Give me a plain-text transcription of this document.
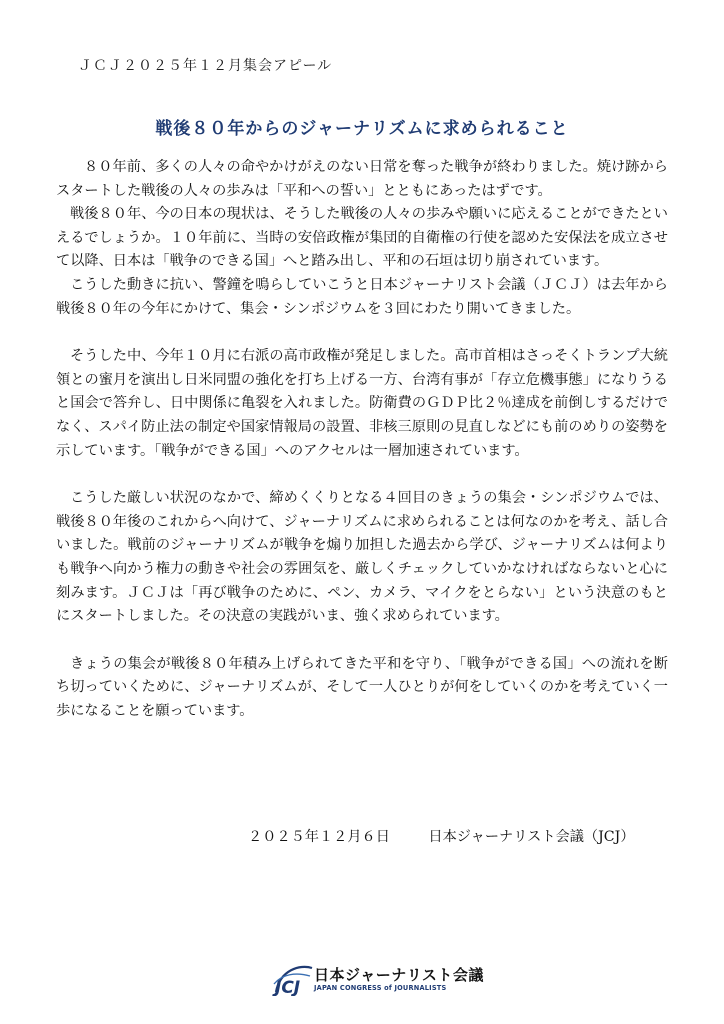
ＪＣＪ２０２５年１２月集会アピール
戦後８０年からのジャーナリズムに求められること

８０年前、多くの人々の命やかけがえのない日常を奪った戦争が終わりました。焼け跡からスタートした戦後の人々の歩みは「平和への誓い」とともにあったはずです。

戦後８０年、今の日本の現状は、そうした戦後の人々の歩みや願いに応えることができたといえるでしょうか。１０年前に、当時の安倍政権が集団的自衛権の行使を認めた安保法を成立させて以降、日本は「戦争のできる国」へと踏み出し、平和の石垣は切り崩されています。

こうした動きに抗い、警鐘を鳴らしていこうと日本ジャーナリスト会議（ＪＣＪ）は去年から戦後８０年の今年にかけて、集会・シンポジウムを３回にわたり開いてきました。

そうした中、今年１０月に右派の高市政権が発足しました。高市首相はさっそくトランプ大統領との蜜月を演出し日米同盟の強化を打ち上げる一方、台湾有事が「存立危機事態」になりうると国会で答弁し、日中関係に亀裂を入れました。防衛費のＧＤＰ比２％達成を前倒しするだけでなく、スパイ防止法の制定や国家情報局の設置、非核三原則の見直しなどにも前のめりの姿勢を示しています。「戦争ができる国」へのアクセルは一層加速されています。

こうした厳しい状況のなかで、締めくくりとなる４回目のきょうの集会・シンポジウムでは、戦後８０年後のこれからへ向けて、ジャーナリズムに求められることは何なのかを考え、話し合いました。戦前のジャーナリズムが戦争を煽り加担した過去から学び、ジャーナリズムは何よりも戦争へ向かう権力の動きや社会の雰囲気を、厳しくチェックしていかなければならないと心に刻みます。ＪＣＪは「再び戦争のために、ペン、カメラ、マイクをとらない」という決意のもとにスタートしました。その決意の実践がいま、強く求められています。

きょうの集会が戦後８０年積み上げられてきた平和を守り、「戦争ができる国」への流れを断ち切っていくために、ジャーナリズムが、そして一人ひとりが何をしていくのかを考えていく一歩になることを願っています。

２０２５年１２月６日	日本ジャーナリスト会議（JCJ）
JCJ
日本ジャーナリスト会議
JAPAN CONGRESS of JOURNALISTS
